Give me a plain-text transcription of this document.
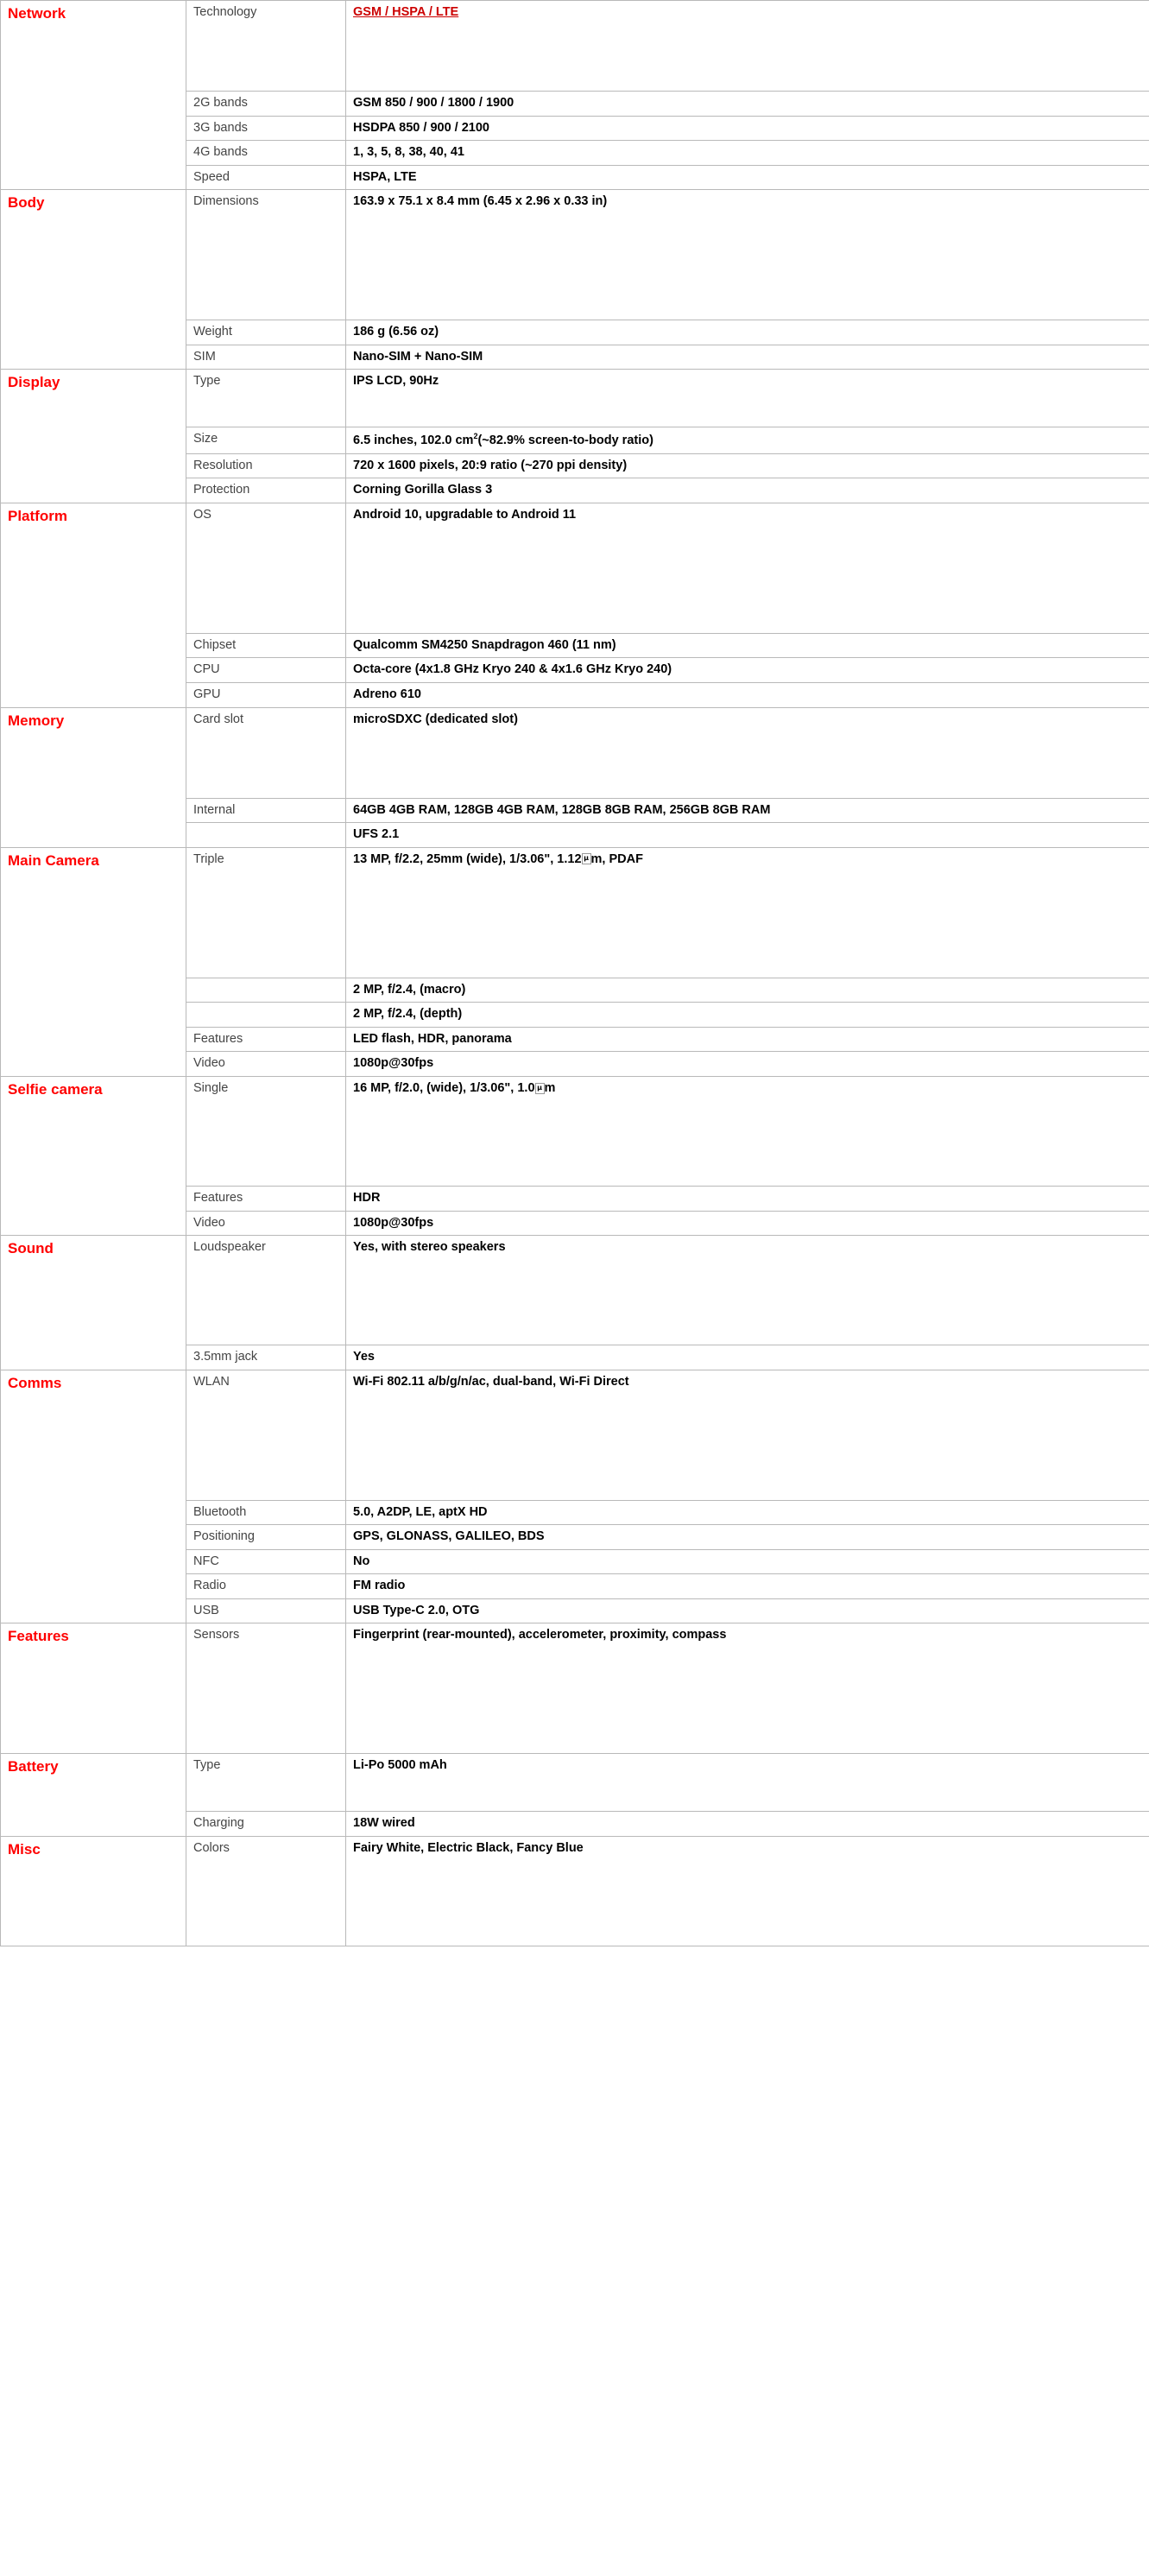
Network	Technology	GSM / HSPA / LTE
	2G bands	GSM 850 / 900 / 1800 / 1900
	3G bands	HSDPA 850 / 900 / 2100
	4G bands	1, 3, 5, 8, 38, 40, 41
	Speed	HSPA, LTE
Body	Dimensions	163.9 x 75.1 x 8.4 mm (6.45 x 2.96 x 0.33 in)
	Weight	186 g (6.56 oz)
	SIM	Nano-SIM + Nano-SIM
Display	Type	IPS LCD, 90Hz
	Size	6.5 inches, 102.0 $cm^2(\sim 82.9\%$ screen-to-body ratio)
	Resolution	720 x 1600 pixels, 20:9 ratio (~270 ppi density)
	Protection	Corning Gorilla Glass 3
Platform	OS	Android 10, upgradable to Android 11
	Chipset	Qualcomm SM4250 Snapdragon 460 (11 nm)
	CPU	Octa-core (4x1.8 GHz Kryo 240 & 4x1.6 GHz Kryo 240)
	GPU	Adreno 610
Memory	Card slot	microSDXC (dedicated slot)
	Internal	64GB 4GB RAM, 128GB 4GB RAM, 128GB 8GB RAM, 256GB 8GB RAM
		UFS 2.1
Main Camera	Triple	13 MP, f/2.2, 25mm (wide), 1/3.06", 1.12 µ m, PDAF
		2 MP, f/2.4, (macro)
		2 MP, f/2.4, (depth)
	Features	LED flash, HDR, panorama
	Video	1080p@30fps
Selfie camera	Single	16 MP, f/2.0, (wide), 1/3.06", 1.0 µ m
	Features	HDR
	Video	1080p@30fps
Sound	Loudspeaker	Yes, with stereo speakers
	3.5mm jack	Yes
Comms	WLAN	Wi-Fi 802.11 a/b/g/n/ac, dual-band, Wi-Fi Direct
	Bluetooth	5.0, A2DP, LE, aptX HD
	Positioning	GPS, GLONASS, GALILEO, BDS
	NFC	No
	Radio	FM radio
	USB	USB Type-C 2.0, OTG
Features	Sensors	Fingerprint (rear-mounted), accelerometer, proximity, compass
Battery	Type	Li-Po 5000 mAh
	Charging	18W wired
Misc	Colors	Fairy White, Electric Black, Fancy Blue
